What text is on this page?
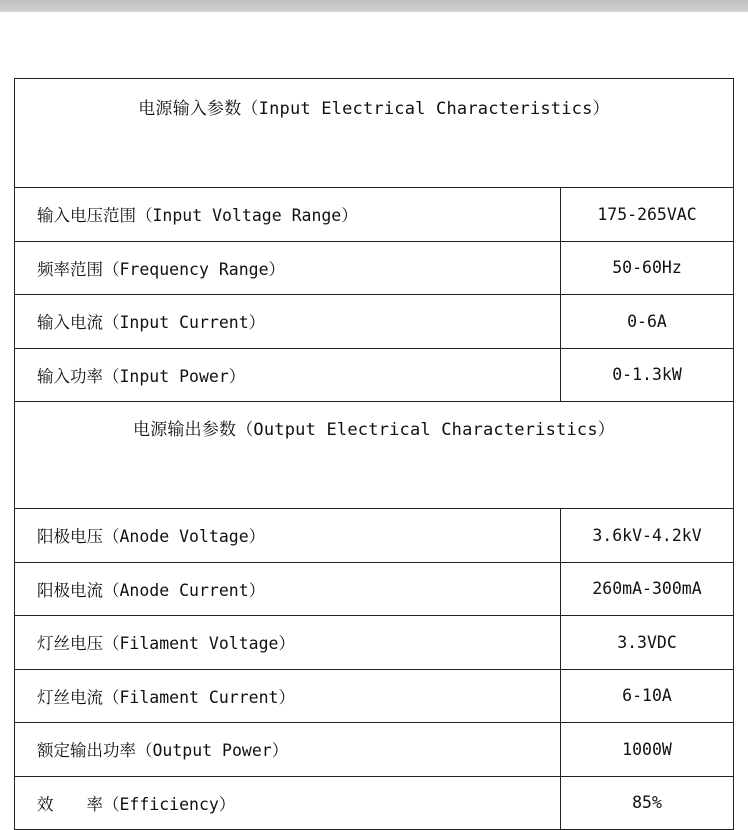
电源输入参数（Input Electrical Characteristics）
输入电压范围（Input Voltage Range）	175-265VAC
频率范围（Frequency Range）	50-60Hz
输入电流（Input Current）	0-6A
输入功率（Input Power）	0-1.3kW
电源输出参数（Output Electrical Characteristics）
阳极电压（Anode Voltage）	3.6kV-4.2kV
阳极电流（Anode Current）	260mA-300mA
灯丝电压（Filament Voltage）	3.3VDC
灯丝电流（Filament Current）	6-10A
额定输出功率（Output Power）	1000W
效　　率（Efficiency）	85%
